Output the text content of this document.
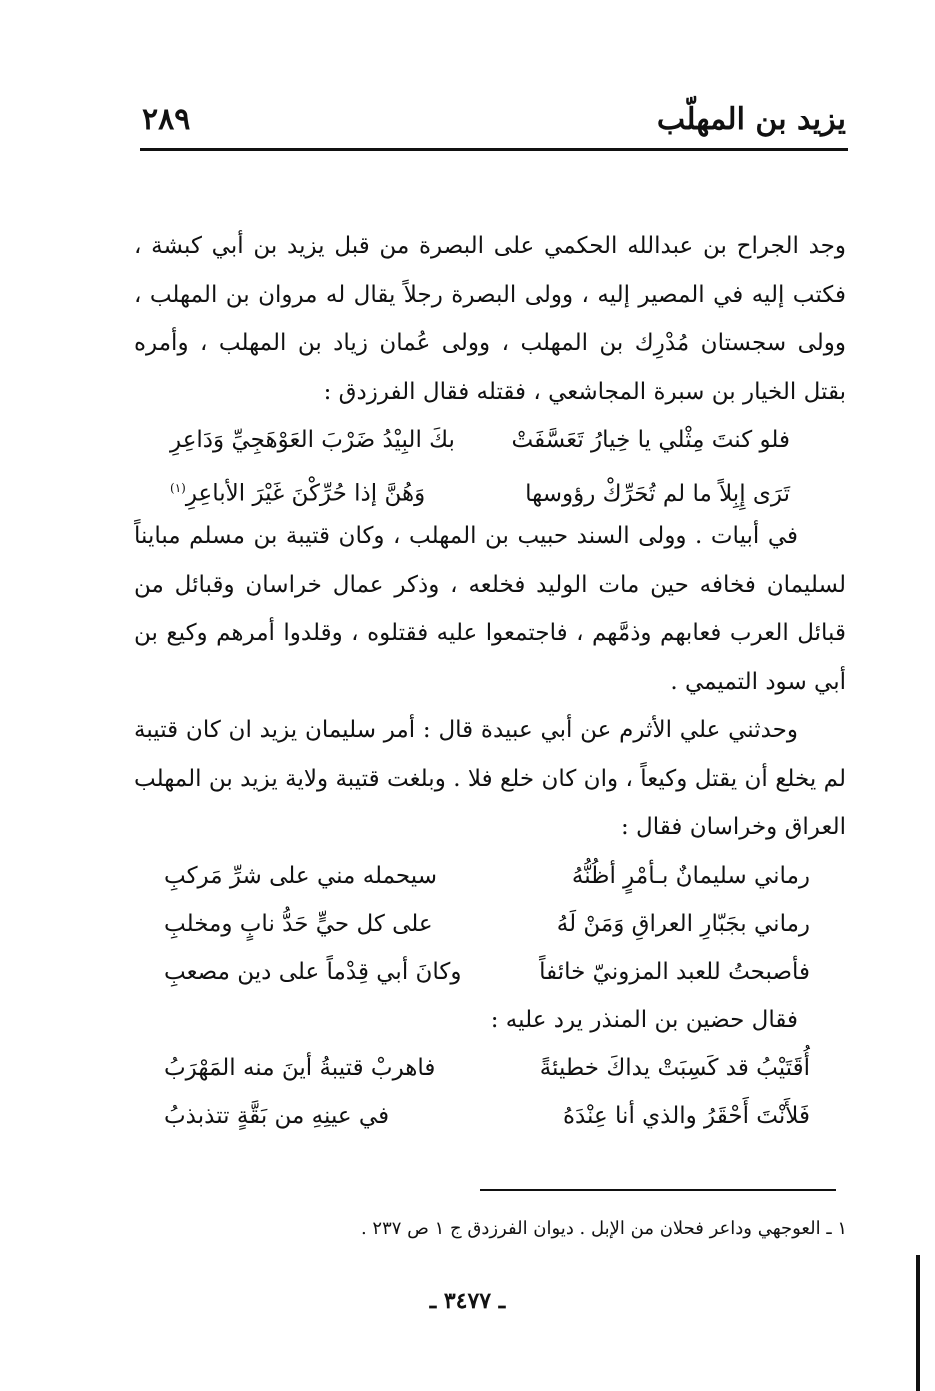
يزيد بن المهلّب
٢٨٩

وجد الجراح بن عبدالله الحكمي على البصرة من قبل يزيد بن أبي كبشة ، فكتب إليه في المصير إليه ، وولى البصرة رجلاً يقال له مروان بن المهلب ، وولى سجستان مُدْرِك بن المهلب ، وولى عُمان زياد بن المهلب ، وأمره بقتل الخيار بن سبرة المجاشعي ، فقتله فقال الفرزدق :

فلو كنتَ مِثْلي يا خِيارُ تَعَسَّفَتْ
بكَ البِيْدُ ضَرْبَ العَوْهَجِيِّ وَدَاعِرِ
تَرَى إِبِلاً ما لم تُحَرِّكْ رؤوسها
وَهُنَّ إذا حُرِّكْنَ غَيْرَ الأباعِرِ$^{(١)}$

في أبيات . وولى السند حبيب بن المهلب ، وكان قتيبة بن مسلم مبايناً لسليمان فخافه حين مات الوليد فخلعه ، وذكر عمال خراسان وقبائل من قبائل العرب فعابهم وذمَّهم ، فاجتمعوا عليه فقتلوه ، وقلدوا أمرهم وكيع بن أبي سود التميمي .

وحدثني علي الأثرم عن أبي عبيدة قال : أمر سليمان يزيد ان كان قتيبة لم يخلع أن يقتل وكيعاً ، وان كان خلع فلا . وبلغت قتيبة ولاية يزيد بن المهلب العراق وخراسان فقال :

رماني سليمانٌ بـأمْرٍ أظُنُّهُ
سيحمله مني على شرِّ مَركبِ
رماني بجَبّارِ العراقِ وَمَنْ لَهُ
على كل حيٍّ حَدُّ نابٍ ومخلبِ
فأصبحتُ للعبد المزونيّ خائفاً
وكانَ أبي قِدْماً على دين مصعبِ

فقال حضين بن المنذر يرد عليه :

أُقَتَيْبُ قد كَسِبَتْ يداكَ خطيئةً
فاهربْ قتيبةُ أينَ منه المَهْرَبُ
فَلأَنْتَ أَحْقَرُ والذي أنا عِنْدَهُ
في عينِهِ من بَقَّةٍ تتذبذبُ
١ ـ العوجهي وداعر فحلان من الإبل . ديوان الفرزدق ج ١ ص ٢٣٧ .
ـ ٣٤٧٧ ـ
